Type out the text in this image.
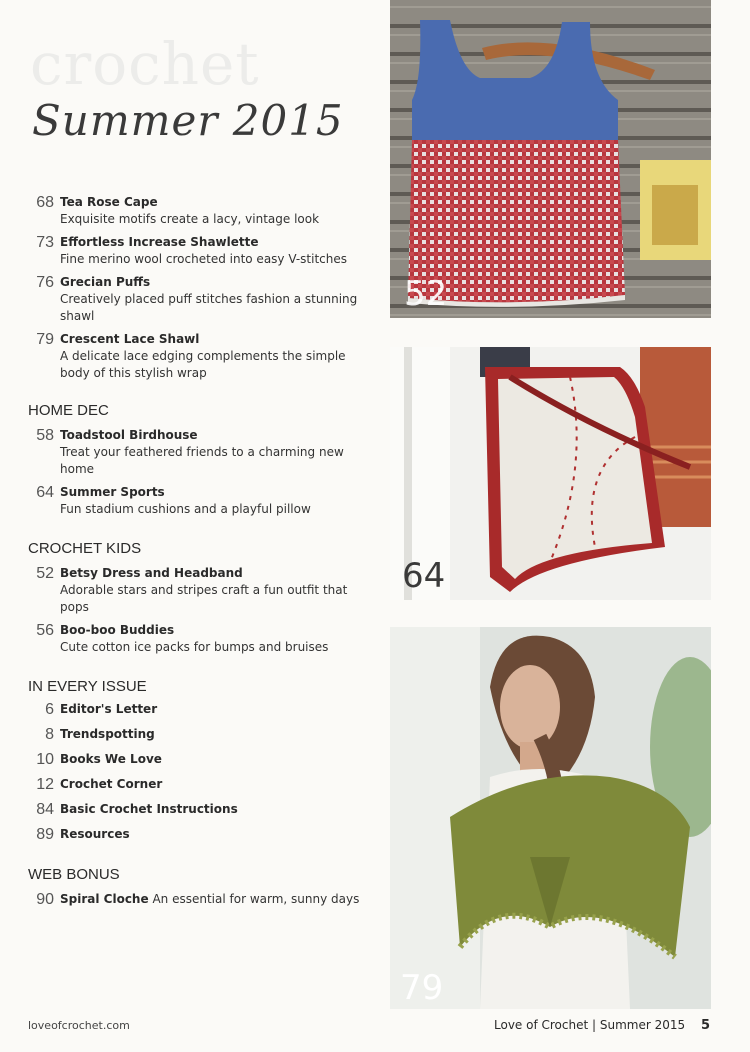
crochet
Summer 2015
68 Tea Rose Cape
Exquisite motifs create a lacy, vintage look
73 Effortless Increase Shawlette
Fine merino wool crocheted into easy V-stitches
76 Grecian Puffs
Creatively placed puff stitches fashion a stunning shawl
79 Crescent Lace Shawl
A delicate lace edging complements the simple body of this stylish wrap
HOME DEC
58 Toadstool Birdhouse
Treat your feathered friends to a charming new home
64 Summer Sports
Fun stadium cushions and a playful pillow
CROCHET KIDS
52 Betsy Dress and Headband
Adorable stars and stripes craft a fun outfit that pops
56 Boo-boo Buddies
Cute cotton ice packs for bumps and bruises
IN EVERY ISSUE
6 Editor's Letter
8 Trendspotting
10 Books We Love
12 Crochet Corner
84 Basic Crochet Instructions
89 Resources
WEB BONUS
90 Spiral Cloche An essential for warm, sunny days
52
64
79
loveofcrochet.com	Love of Crochet | Summer 2015 5
